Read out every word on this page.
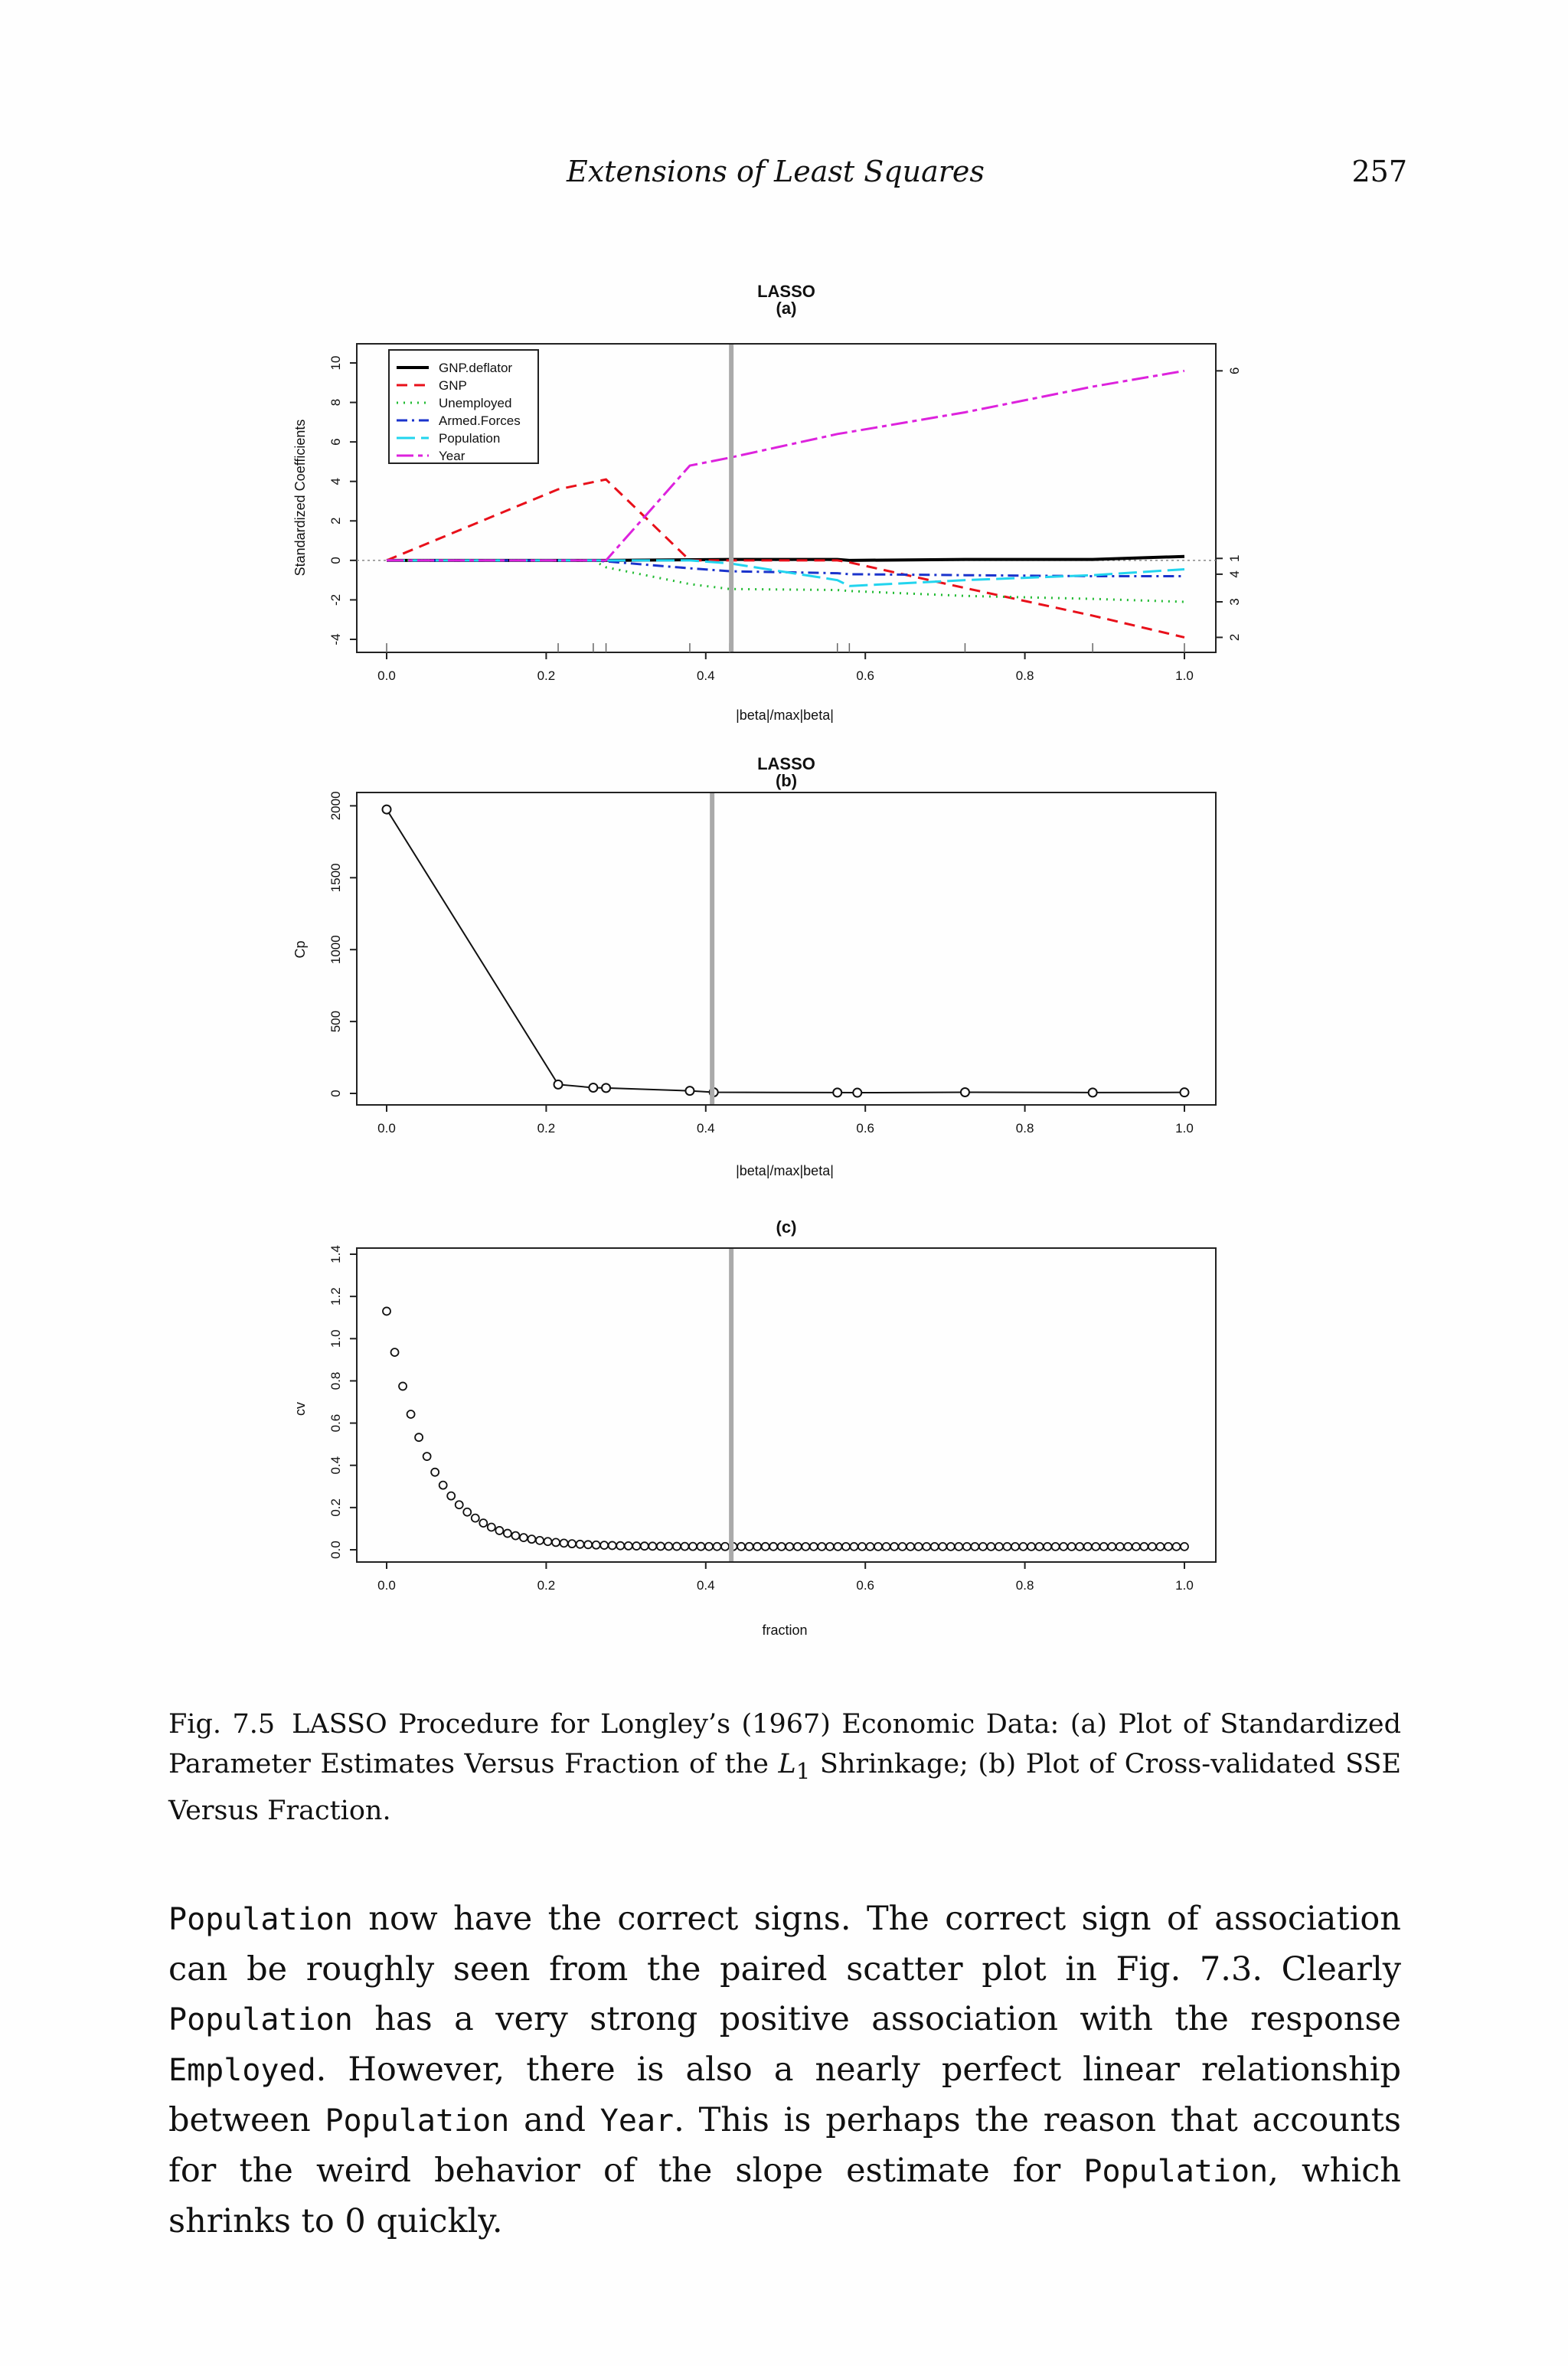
Extensions of Least Squares	257
LASSO
(a)
0.0	0.2	0.4	0.6	0.8	1.0
-4
-2
0
2
4
6
8
10
6
1
4
3
2
GNP.deflator
GNP
Unemployed
Armed.Forces
Population
Year
|beta|/max|beta|
Standardized Coefficients
LASSO
(b)
0.0	0.2	0.4	0.6	0.8	1.0
0
500
1000
1500
2000
|beta|/max|beta|
Cp
(c)
0.0	0.2	0.4	0.6	0.8	1.0
0.0
0.2
0.4
0.6
0.8
1.0
1.2
1.4
fraction
cv
Fig. 7.5 LASSO Procedure for Longley’s (1967) Economic Data: (a) Plot of Standardized Parameter Estimates Versus Fraction of the $L_1$ Shrinkage; (b) Plot of Cross-validated SSE Versus Fraction.
Population now have the correct signs. The correct sign of association can be roughly seen from the paired scatter plot in Fig. 7.3. Clearly Population has a very strong positive association with the response Employed. However, there is also a nearly perfect linear relationship between Population and Year. This is perhaps the reason that accounts for the weird behavior of the slope estimate for Population, which shrinks to 0 quickly.
